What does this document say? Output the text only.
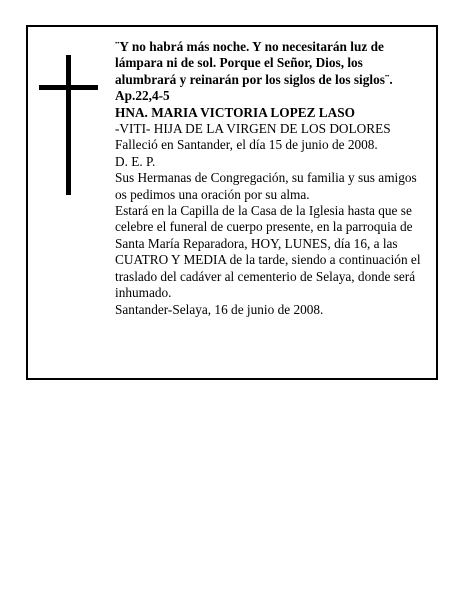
¨Y no habrá más noche. Y no necesitarán luz de lámpara ni de sol. Porque el Señor, Dios, los alumbrará y reinarán por los siglos de los siglos¨.

Ap.22,4-5

HNA. MARIA VICTORIA LOPEZ LASO

-VITI- HIJA DE LA VIRGEN DE LOS DOLORES

Falleció en Santander, el día 15 de junio de 2008.

D. E. P.

Sus Hermanas de Congregación, su familia y sus amigos os pedimos una oración por su alma.

Estará en la Capilla de la Casa de la Iglesia hasta que se celebre el funeral de cuerpo presente, en la parroquia de Santa María Reparadora, HOY, LUNES, día 16, a las CUATRO Y MEDIA de la tarde, siendo a continuación el traslado del cadáver al cementerio de Selaya, donde será inhumado.

Santander-Selaya, 16 de junio de 2008.
